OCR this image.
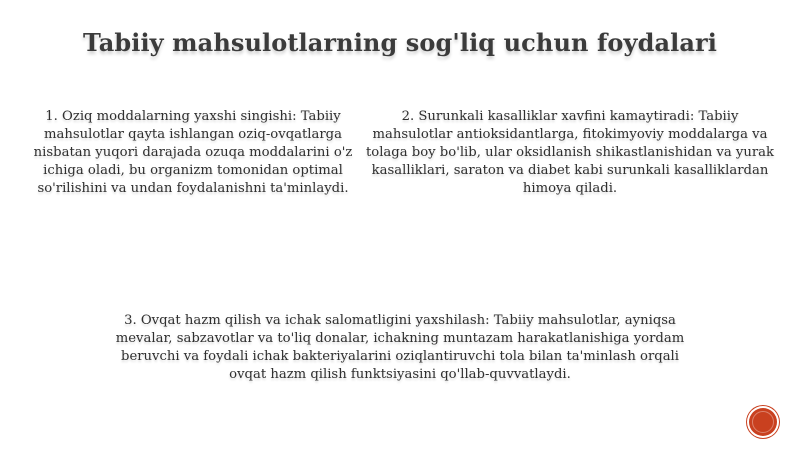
Tabiiy mahsulotlarning sog'liq uchun foydalari
1. Oziq moddalarning yaxshi singishi: Tabiiy mahsulotlar qayta ishlangan oziq-ovqatlarga nisbatan yuqori darajada ozuqa moddalarini o'z ichiga oladi, bu organizm tomonidan optimal so'rilishini va undan foydalanishni ta'minlaydi.
2. Surunkali kasalliklar xavfini kamaytiradi: Tabiiy mahsulotlar antioksidantlarga, fitokimyoviy moddalarga va tolaga boy bo'lib, ular oksidlanish shikastlanishidan va yurak kasalliklari, saraton va diabet kabi surunkali kasalliklardan himoya qiladi.
3. Ovqat hazm qilish va ichak salomatligini yaxshilash: Tabiiy mahsulotlar, ayniqsa mevalar, sabzavotlar va to'liq donalar, ichakning muntazam harakatlanishiga yordam beruvchi va foydali ichak bakteriyalarini oziqlantiruvchi tola bilan ta'minlash orqali ovqat hazm qilish funktsiyasini qo'llab-quvvatlaydi.
